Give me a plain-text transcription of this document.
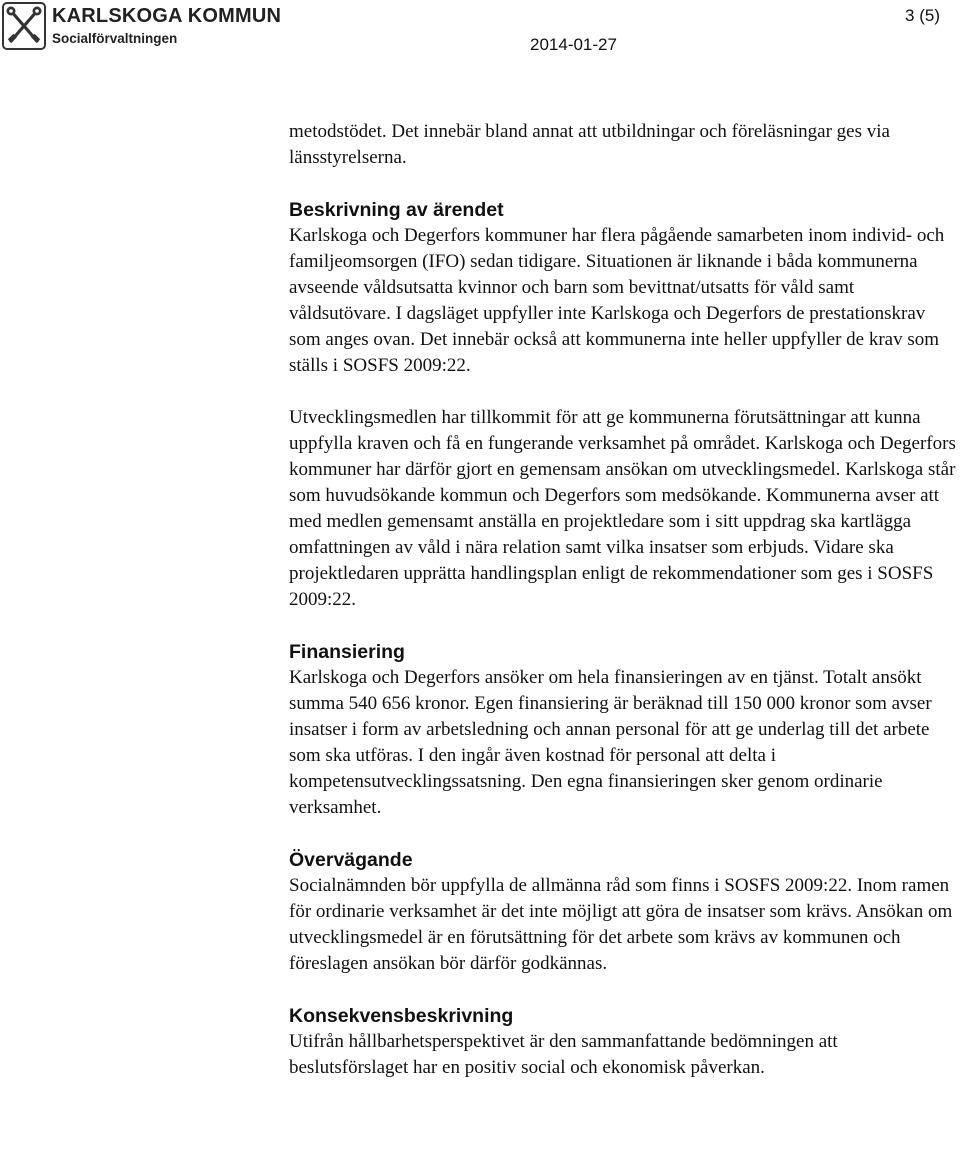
KARLSKOGA KOMMUN
Socialförvaltningen	2014-01-27
3 (5)

metodstödet. Det innebär bland annat att utbildningar och föreläsningar ges via länsstyrelserna.

Beskrivning av ärendet

Karlskoga och Degerfors kommuner har flera pågående samarbeten inom individ- och familjeomsorgen (IFO) sedan tidigare. Situationen är liknande i båda kommunerna avseende våldsutsatta kvinnor och barn som bevittnat/utsatts för våld samt våldsutövare. I dagsläget uppfyller inte Karlskoga och Degerfors de prestationskrav som anges ovan. Det innebär också att kommunerna inte heller uppfyller de krav som ställs i SOSFS 2009:22.

Utvecklingsmedlen har tillkommit för att ge kommunerna förutsättningar att kunna uppfylla kraven och få en fungerande verksamhet på området. Karlskoga och Degerfors kommuner har därför gjort en gemensam ansökan om utvecklingsmedel. Karlskoga står som huvudsökande kommun och Degerfors som medsökande. Kommunerna avser att med medlen gemensamt anställa en projektledare som i sitt uppdrag ska kartlägga omfattningen av våld i nära relation samt vilka insatser som erbjuds. Vidare ska projektledaren upprätta handlingsplan enligt de rekommendationer som ges i SOSFS 2009:22.

Finansiering

Karlskoga och Degerfors ansöker om hela finansieringen av en tjänst. Totalt ansökt summa 540 656 kronor. Egen finansiering är beräknad till 150 000 kronor som avser insatser i form av arbetsledning och annan personal för att ge underlag till det arbete som ska utföras. I den ingår även kostnad för personal att delta i kompetensutvecklingssatsning. Den egna finansieringen sker genom ordinarie verksamhet.

Övervägande

Socialnämnden bör uppfylla de allmänna råd som finns i SOSFS 2009:22. Inom ramen för ordinarie verksamhet är det inte möjligt att göra de insatser som krävs. Ansökan om utvecklingsmedel är en förutsättning för det arbete som krävs av kommunen och föreslagen ansökan bör därför godkännas.

Konsekvensbeskrivning

Utifrån hållbarhetsperspektivet är den sammanfattande bedömningen att beslutsförslaget har en positiv social och ekonomisk påverkan.
